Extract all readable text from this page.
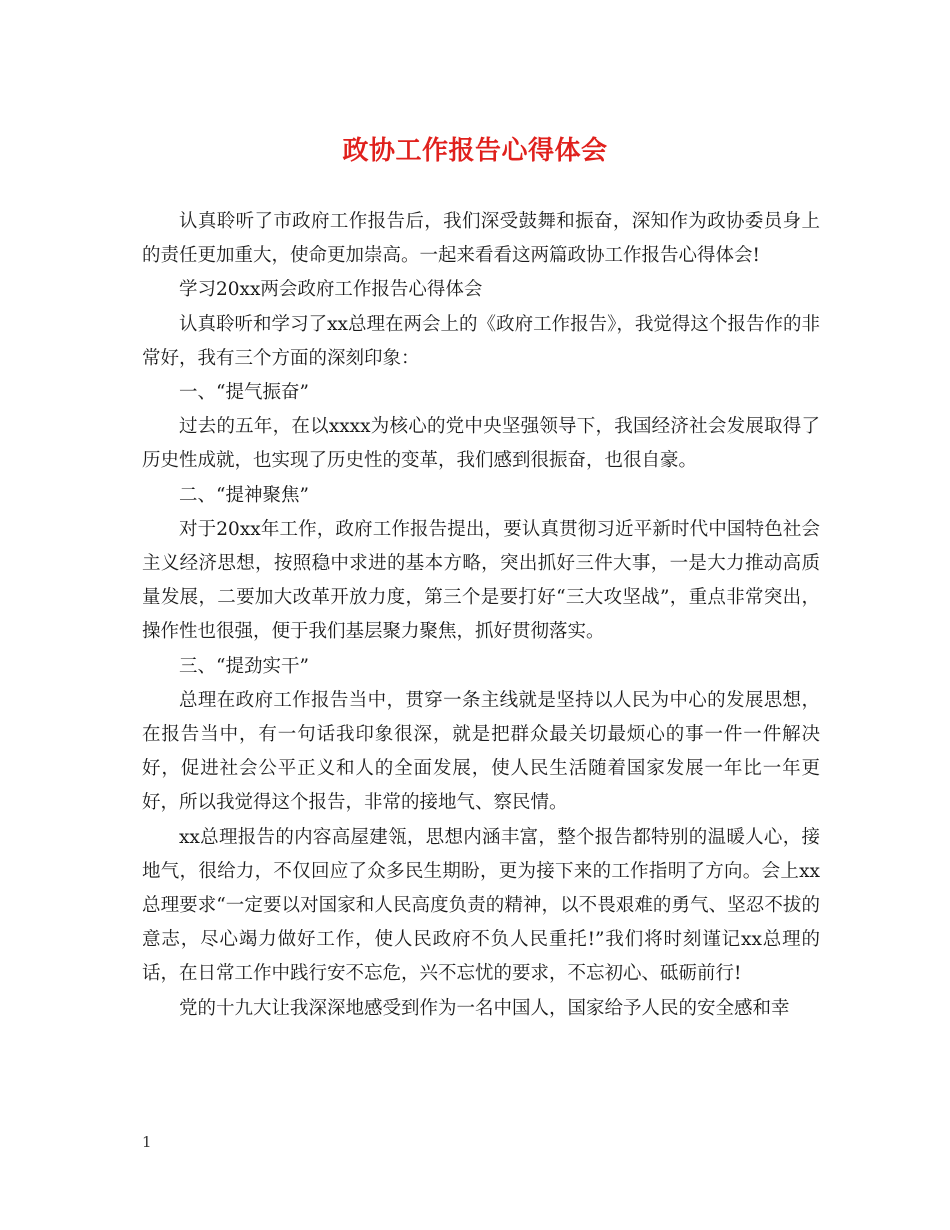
政协工作报告心得体会

认真聆听了市政府工作报告后，我们深受鼓舞和振奋，深知作为政协委员身上的责任更加重大，使命更加崇高。一起来看看这两篇政协工作报告心得体会!

学习20xx两会政府工作报告心得体会

认真聆听和学习了xx总理在两会上的《政府工作报告》，我觉得这个报告作的非常好，我有三个方面的深刻印象：

一、“提气振奋”

过去的五年，在以xxxx为核心的党中央坚强领导下，我国经济社会发展取得了历史性成就，也实现了历史性的变革，我们感到很振奋，也很自豪。

二、“提神聚焦”

对于20xx年工作，政府工作报告提出，要认真贯彻习近平新时代中国特色社会主义经济思想，按照稳中求进的基本方略，突出抓好三件大事，一是大力推动高质量发展，二要加大改革开放力度，第三个是要打好“三大攻坚战”，重点非常突出，操作性也很强，便于我们基层聚力聚焦，抓好贯彻落实。

三、“提劲实干”

总理在政府工作报告当中，贯穿一条主线就是坚持以人民为中心的发展思想，在报告当中，有一句话我印象很深，就是把群众最关切最烦心的事一件一件解决好，促进社会公平正义和人的全面发展，使人民生活随着国家发展一年比一年更好，所以我觉得这个报告，非常的接地气、察民情。

xx总理报告的内容高屋建瓴，思想内涵丰富，整个报告都特别的温暖人心，接地气，很给力，不仅回应了众多民生期盼，更为接下来的工作指明了方向。会上xx总理要求“一定要以对国家和人民高度负责的精神，以不畏艰难的勇气、坚忍不拔的意志，尽心竭力做好工作，使人民政府不负人民重托!”我们将时刻谨记xx总理的话，在日常工作中践行安不忘危，兴不忘忧的要求，不忘初心、砥砺前行!

党的十九大让我深深地感受到作为一名中国人，国家给予人民的安全感和幸

1
